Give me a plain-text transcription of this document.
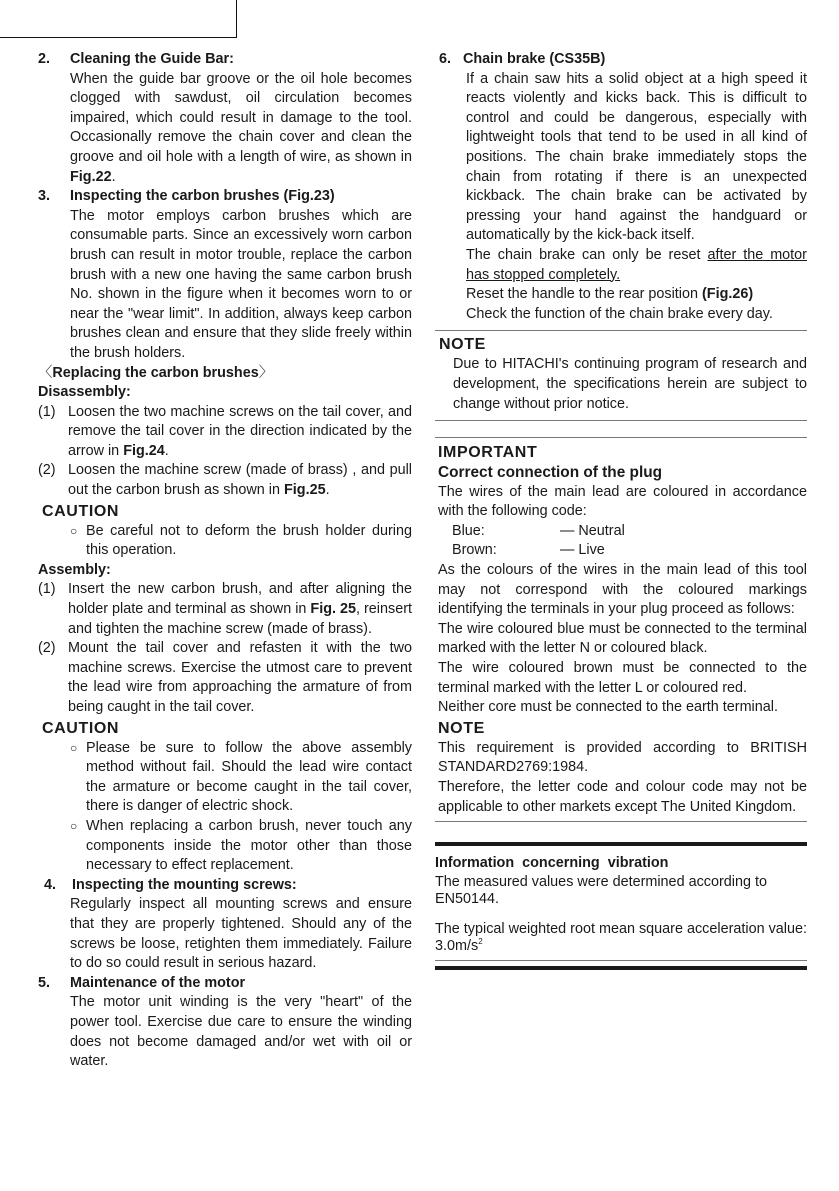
2. Cleaning the Guide Bar:

When the guide bar groove or the oil hole becomes clogged with sawdust, oil circulation becomes impaired, which could result in damage to the tool. Occasionally remove the chain cover and clean the groove and oil hole with a length of wire, as shown in Fig.22.

3. Inspecting the carbon brushes (Fig.23)

The motor employs carbon brushes which are consumable parts. Since an excessively worn carbon brush can result in motor trouble, replace the carbon brush with a new one having the same carbon brush No. shown in the figure when it becomes worn to or near the "wear limit". In addition, always keep carbon brushes clean and ensure that they slide freely within the brush holders.

〈Replacing the carbon brushes〉

Disassembly:

(1) Loosen the two machine screws on the tail cover, and remove the tail cover in the direction indicated by the arrow in Fig.24.
(2) Loosen the machine screw (made of brass) , and pull out the carbon brush as shown in Fig.25.

CAUTION

○ Be careful not to deform the brush holder during this operation.

Assembly:

(1) Insert the new carbon brush, and after aligning the holder plate and terminal as shown in Fig. 25, reinsert and tighten the machine screw (made of brass).
(2) Mount the tail cover and refasten it with the two machine screws. Exercise the utmost care to prevent the lead wire from approaching the armature of from being caught in the tail cover.

CAUTION

○ Please be sure to follow the above assembly method without fail. Should the lead wire contact the armature or become caught in the tail cover, there is danger of electric shock.
○ When replacing a carbon brush, never touch any components inside the motor other than those necessary to effect replacement.
4. Inspecting the mounting screws:

Regularly inspect all mounting screws and ensure that they are properly tightened. Should any of the screws be loose, retighten them immediately. Failure to do so could result in serious hazard.

5. Maintenance of the motor

The motor unit winding is the very "heart" of the power tool. Exercise due care to ensure the winding does not become damaged and/or wet with oil or water.

6. Chain brake (CS35B)

If a chain saw hits a solid object at a high speed it reacts violently and kicks back. This is difficult to control and could be dangerous, especially with lightweight tools that tend to be used in all kind of positions. The chain brake immediately stops the chain from rotating if there is an unexpected kickback. The chain brake can be activated by pressing your hand against the handguard or automatically by the kick-back itself.

The chain brake can only be reset after the motor has stopped completely.

Reset the handle to the rear position (Fig.26)

Check the function of the chain brake every day.

NOTE

Due to HITACHI's continuing program of research and development, the specifications herein are subject to change without prior notice.

IMPORTANT

Correct connection of the plug

The wires of the main lead are coloured in accordance with the following code:

Blue:	— Neutral
Brown:	— Live

As the colours of the wires in the main lead of this tool may not correspond with the coloured markings identifying the terminals in your plug proceed as follows:

The wire coloured blue must be connected to the terminal marked with the letter N or coloured black.

The wire coloured brown must be connected to the terminal marked with the letter L or coloured red.

Neither core must be connected to the earth terminal.

NOTE

This requirement is provided according to BRITISH STANDARD2769:1984.

Therefore, the letter code and colour code may not be applicable to other markets except The United Kingdom.

Information concerning vibration

The measured values were determined according to EN50144.

The typical weighted root mean square acceleration value: $3.0m/s^2$
